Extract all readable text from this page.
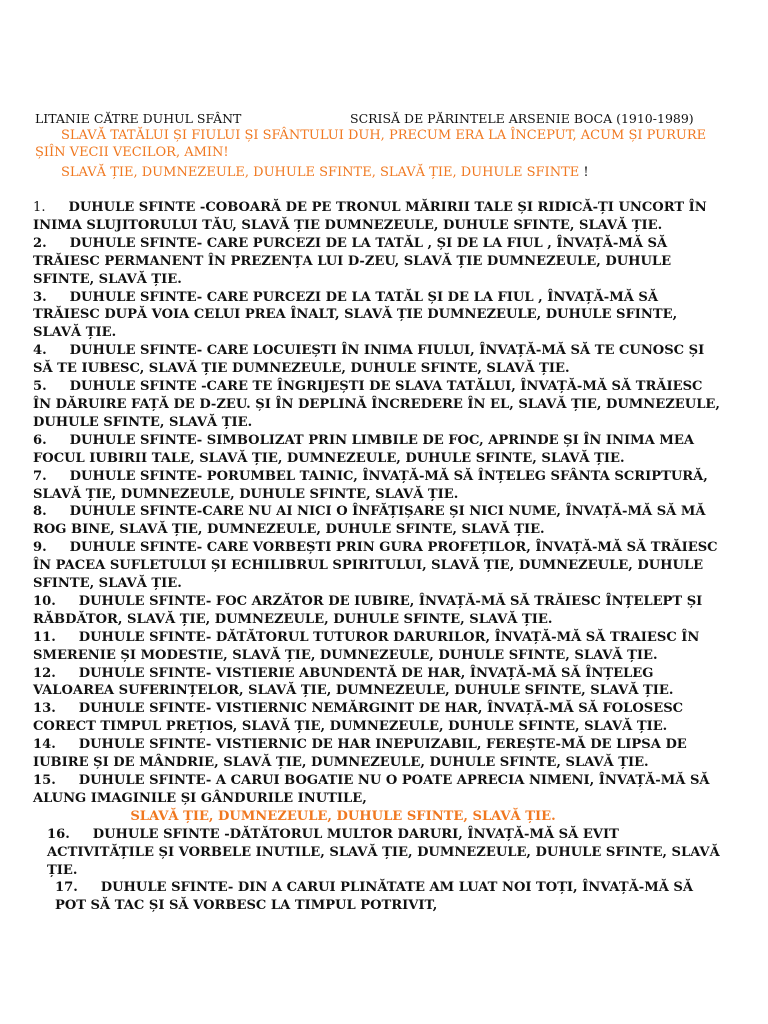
LITANIE CĂTRE DUHUL SFÂNT	SCRISĂ DE PĂRINTELE ARSENIE BOCA (1910-1989)
SLAVĂ TATĂLUI ȘI FIULUI ȘI SFÂNTULUI DUH, PRECUM ERA LA ÎNCEPUT, ACUM ȘI PURURE ȘIÎN VECII VECILOR, AMIN!
SLAVĂ ȚIE, DUMNEZEULE, DUHULE SFINTE, SLAVĂ ȚIE, DUHULE SFINTE !

1. DUHULE SFINTE -COBOARĂ DE PE TRONUL MĂRIRII TALE ȘI RIDICĂ-ȚI UNCORT ÎN INIMA SLUJITORULUI TĂU, SLAVĂ ȚIE DUMNEZEULE, DUHULE SFINTE, SLAVĂ ȚIE.

2. DUHULE SFINTE- CARE PURCEZI DE LA TATĂL , ȘI DE LA FIUL , ÎNVAȚĂ-MĂ SĂ TRĂIESC PERMANENT ÎN PREZENȚA LUI D-ZEU, SLAVĂ ȚIE DUMNEZEULE, DUHULE SFINTE, SLAVĂ ȚIE.

3. DUHULE SFINTE- CARE PURCEZI DE LA TATĂL ȘI DE LA FIUL , ÎNVAȚĂ-MĂ SĂ TRĂIESC DUPĂ VOIA CELUI PREA ÎNALT, SLAVĂ ȚIE DUMNEZEULE, DUHULE SFINTE, SLAVĂ ȚIE.

4. DUHULE SFINTE- CARE LOCUIEȘTI ÎN INIMA FIULUI, ÎNVAȚĂ-MĂ SĂ TE CUNOSC ȘI SĂ TE IUBESC, SLAVĂ ȚIE DUMNEZEULE, DUHULE SFINTE, SLAVĂ ȚIE.

5. DUHULE SFINTE -CARE TE ÎNGRIJEȘTI DE SLAVA TATĂLUI, ÎNVAȚĂ-MĂ SĂ TRĂIESC ÎN DĂRUIRE FAȚĂ DE D-ZEU. ȘI ÎN DEPLINĂ ÎNCREDERE ÎN EL, SLAVĂ ȚIE, DUMNEZEULE, DUHULE SFINTE, SLAVĂ ȚIE.

6. DUHULE SFINTE- SIMBOLIZAT PRIN LIMBILE DE FOC, APRINDE ȘI ÎN INIMA MEA FOCUL IUBIRII TALE, SLAVĂ ȚIE, DUMNEZEULE, DUHULE SFINTE, SLAVĂ ȚIE.

7. DUHULE SFINTE- PORUMBEL TAINIC, ÎNVAȚĂ-MĂ SĂ ÎNȚELEG SFÂNTA SCRIPTURĂ, SLAVĂ ȚIE, DUMNEZEULE, DUHULE SFINTE, SLAVĂ ȚIE.

8. DUHULE SFINTE-CARE NU AI NICI O ÎNFĂȚIȘARE ȘI NICI NUME, ÎNVAȚĂ-MĂ SĂ MĂ ROG BINE, SLAVĂ ȚIE, DUMNEZEULE, DUHULE SFINTE, SLAVĂ ȚIE.

9. DUHULE SFINTE- CARE VORBEȘTI PRIN GURA PROFEȚILOR, ÎNVAȚĂ-MĂ SĂ TRĂIESC ÎN PACEA SUFLETULUI ȘI ECHILIBRUL SPIRITULUI, SLAVĂ ȚIE, DUMNEZEULE, DUHULE SFINTE, SLAVĂ ȚIE.

10. DUHULE SFINTE- FOC ARZĂTOR DE IUBIRE, ÎNVAȚĂ-MĂ SĂ TRĂIESC ÎNȚELEPT ȘI RĂBDĂTOR, SLAVĂ ȚIE, DUMNEZEULE, DUHULE SFINTE, SLAVĂ ȚIE.

11. DUHULE SFINTE- DĂTĂTORUL TUTUROR DARURILOR, ÎNVAȚĂ-MĂ SĂ TRAIESC ÎN SMERENIE ȘI MODESTIE, SLAVĂ ȚIE, DUMNEZEULE, DUHULE SFINTE, SLAVĂ ȚIE.

12. DUHULE SFINTE- VISTIERIE ABUNDENTĂ DE HAR, ÎNVAȚĂ-MĂ SĂ ÎNȚELEG VALOAREA SUFERINȚELOR, SLAVĂ ȚIE, DUMNEZEULE, DUHULE SFINTE, SLAVĂ ȚIE.

13. DUHULE SFINTE- VISTIERNIC NEMĂRGINIT DE HAR, ÎNVAȚĂ-MĂ SĂ FOLOSESC CORECT TIMPUL PREȚIOS, SLAVĂ ȚIE, DUMNEZEULE, DUHULE SFINTE, SLAVĂ ȚIE.

14. DUHULE SFINTE- VISTIERNIC DE HAR INEPUIZABIL, FEREȘTE-MĂ DE LIPSA DE IUBIRE ȘI DE MÂNDRIE, SLAVĂ ȚIE, DUMNEZEULE, DUHULE SFINTE, SLAVĂ ȚIE.

15. DUHULE SFINTE- A CARUI BOGATIE NU O POATE APRECIA NIMENI, ÎNVAȚĂ-MĂ SĂ ALUNG IMAGINILE ȘI GÂNDURILE INUTILE,

SLAVĂ ȚIE, DUMNEZEULE, DUHULE SFINTE, SLAVĂ ȚIE.

16. DUHULE SFINTE -DĂTĂTORUL MULTOR DARURI, ÎNVAȚĂ-MĂ SĂ EVIT ACTIVITĂȚILE ȘI VORBELE INUTILE, SLAVĂ ȚIE, DUMNEZEULE, DUHULE SFINTE, SLAVĂ ȚIE.

17. DUHULE SFINTE- DIN A CARUI PLINĂTATE AM LUAT NOI TOȚI, ÎNVAȚĂ-MĂ SĂ POT SĂ TAC ȘI SĂ VORBESC LA TIMPUL POTRIVIT,
